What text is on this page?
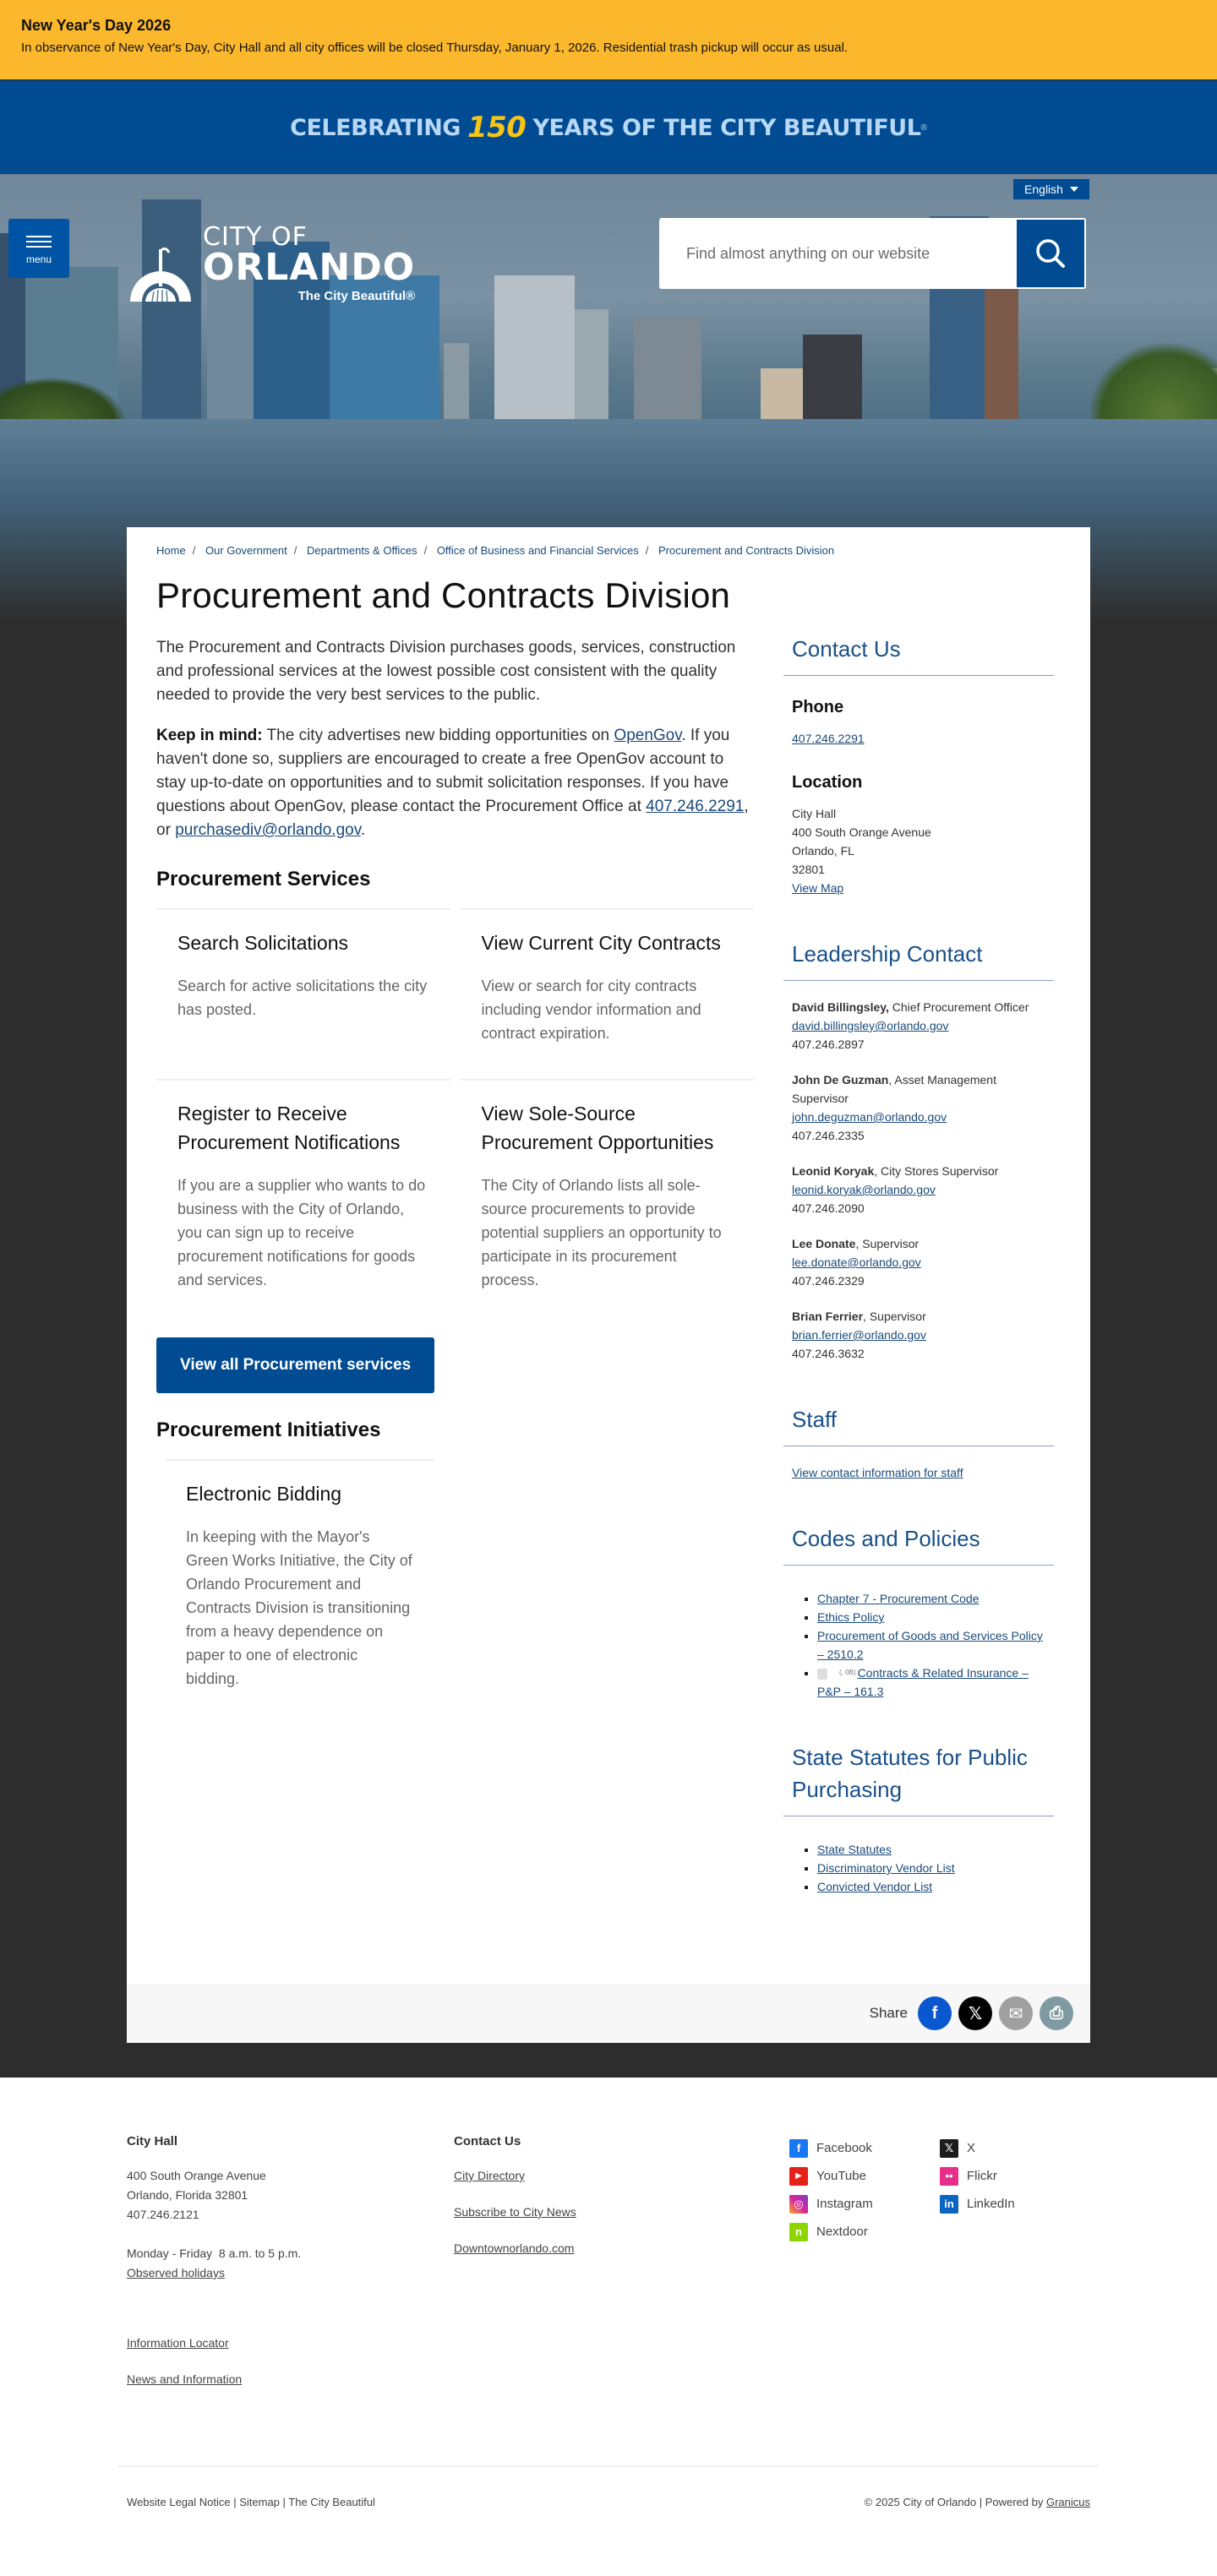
New Year's Day 2026

In observance of New Year's Day, City Hall and all city offices will be closed Thursday, January 1, 2026. Residential trash pickup will occur as usual.

CELEBRATING 150 YEARS OF THE CITY BEAUTIFUL ®
menu
CITY OF
ORLANDO
The City Beautiful®
English
Find almost anything on our website
Home / Our Government / Departments & Offices / Office of Business and Financial Services / Procurement and Contracts Division
Procurement and Contracts Division

The Procurement and Contracts Division purchases goods, services, construction and professional services at the lowest possible cost consistent with the quality needed to provide the very best services to the public.

Keep in mind: The city advertises new bidding opportunities on OpenGov. If you haven't done so, suppliers are encouraged to create a free OpenGov account to stay up-to-date on opportunities and to submit solicitation responses. If you have questions about OpenGov, please contact the Procurement Office at 407.246.2291, or purchasediv@orlando.gov.

Procurement Services
Search Solicitations

Search for active solicitations the city has posted.

View Current City Contracts

View or search for city contracts including vendor information and contract expiration.

Register to Receive Procurement Notifications

If you are a supplier who wants to do business with the City of Orlando, you can sign up to receive procurement notifications for goods and services.

View Sole-Source Procurement Opportunities

The City of Orlando lists all sole-source procurements to provide potential suppliers an opportunity to participate in its procurement process.

View all Procurement services
Procurement Initiatives
Electronic Bidding

In keeping with the Mayor's Green Works Initiative, the City of Orlando Procurement and Contracts Division is transitioning from a heavy dependence on paper to one of electronic bidding.

Contact Us
Phone
407.246.2291
Location
City Hall
400 South Orange Avenue
Orlando, FL
32801
View Map
Leadership Contact
David Billingsley, Chief Procurement Officer
david.billingsley@orlando.gov
407.246.2897
John De Guzman, Asset Management Supervisor
john.deguzman@orlando.gov
407.246.2335
Leonid Koryak, City Stores Supervisor
leonid.koryak@orlando.gov
407.246.2090
Lee Donate, Supervisor
lee.donate@orlando.gov
407.246.2329
Brian Ferrier, Supervisor
brian.ferrier@orlando.gov
407.246.3632
Staff
View contact information for staff
Codes and Policies
▪ Chapter 7 - Procurement Code
▪ Ethics Policy
▪ Procurement of Goods and Services Policy – 2510.2
▪ $^{(, 0B)}$ Contracts & Related Insurance – P&P – 161.3
State Statutes for Public Purchasing
▪ State Statutes
▪ Discriminatory Vendor List
▪ Convicted Vendor List
Share f 𝕏 ✉ ⎙
City Hall
400 South Orange Avenue
Orlando, Florida 32801
407.246.2121
Monday - Friday  8 a.m. to 5 p.m.
Observed holidays
Information Locator
News and Information
Contact Us
City Directory
Subscribe to City News
Downtownorlando.com
f	Facebook	𝕏	X
▶	YouTube	••	Flickr
◎	Instagram	in	LinkedIn
n	Nextdoor
Website Legal Notice | Sitemap | The City Beautiful	© 2025 City of Orlando | Powered by Granicus
